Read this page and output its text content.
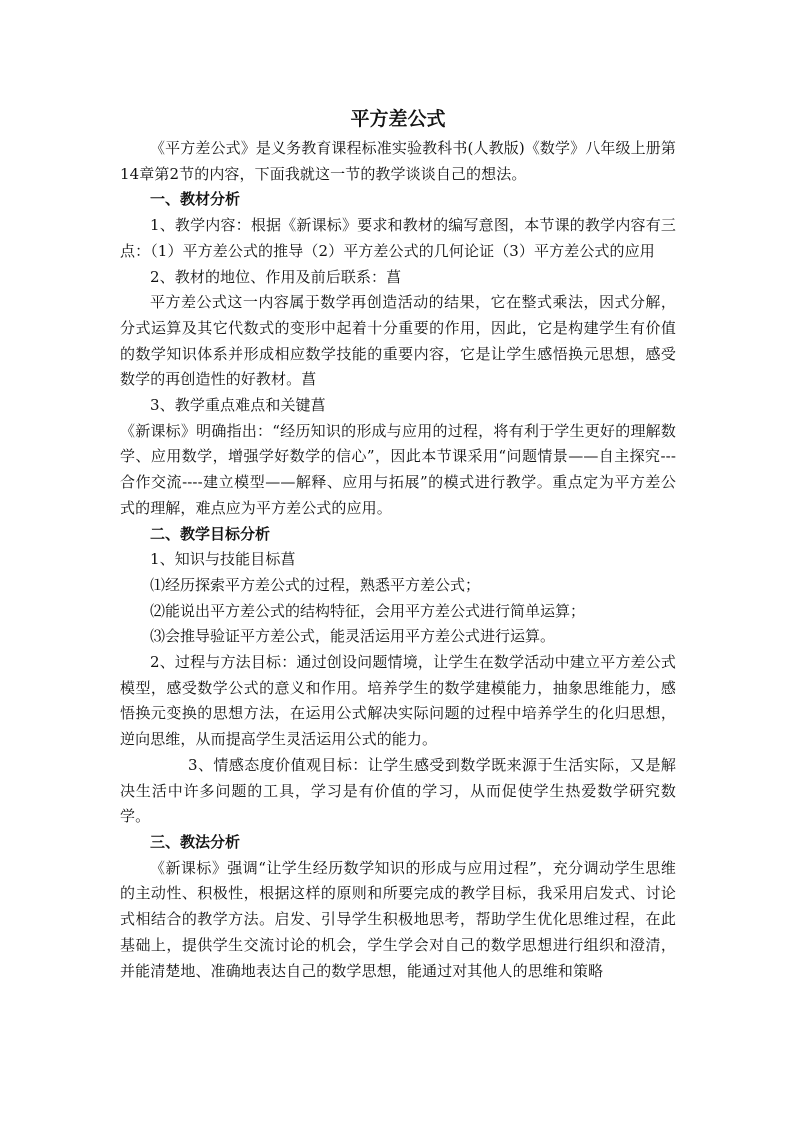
平方差公式

《平方差公式》是义务教育课程标准实验教科书(人教版)《数学》八年级上册第14章第2节的内容，下面我就这一节的教学谈谈自己的想法。

一、教材分析

1、教学内容：根据《新课标》要求和教材的编写意图，本节课的教学内容有三点：（1）平方差公式的推导（2）平方差公式的几何论证（3）平方差公式的应用

2、教材的地位、作用及前后联系：菖

平方差公式这一内容属于数学再创造活动的结果，它在整式乘法，因式分解，分式运算及其它代数式的变形中起着十分重要的作用，因此，它是构建学生有价值的数学知识体系并形成相应数学技能的重要内容，它是让学生感悟换元思想，感受数学的再创造性的好教材。菖

3、教学重点难点和关键菖

《新课标》明确指出：“经历知识的形成与应用的过程，将有利于学生更好的理解数学、应用数学，增强学好数学的信心”，因此本节课采用“问题情景——自主探究---合作交流----建立模型——解释、应用与拓展”的模式进行教学。重点定为平方差公式的理解，难点应为平方差公式的应用。

二、教学目标分析

1、知识与技能目标菖

⑴经历探索平方差公式的过程，熟悉平方差公式；

⑵能说出平方差公式的结构特征，会用平方差公式进行简单运算；

⑶会推导验证平方差公式，能灵活运用平方差公式进行运算。

2、过程与方法目标：通过创设问题情境，让学生在数学活动中建立平方差公式模型，感受数学公式的意义和作用。培养学生的数学建模能力，抽象思维能力，感悟换元变换的思想方法，在运用公式解决实际问题的过程中培养学生的化归思想，逆向思维，从而提高学生灵活运用公式的能力。

3、情感态度价值观目标：让学生感受到数学既来源于生活实际，又是解决生活中许多问题的工具，学习是有价值的学习，从而促使学生热爱数学研究数学。

三、教法分析

《新课标》强调“让学生经历数学知识的形成与应用过程”，充分调动学生思维的主动性、积极性，根据这样的原则和所要完成的教学目标，我采用启发式、讨论式相结合的教学方法。启发、引导学生积极地思考，帮助学生优化思维过程，在此基础上，提供学生交流讨论的机会，学生学会对自己的数学思想进行组织和澄清，并能清楚地、准确地表达自己的数学思想，能通过对其他人的思维和策略
